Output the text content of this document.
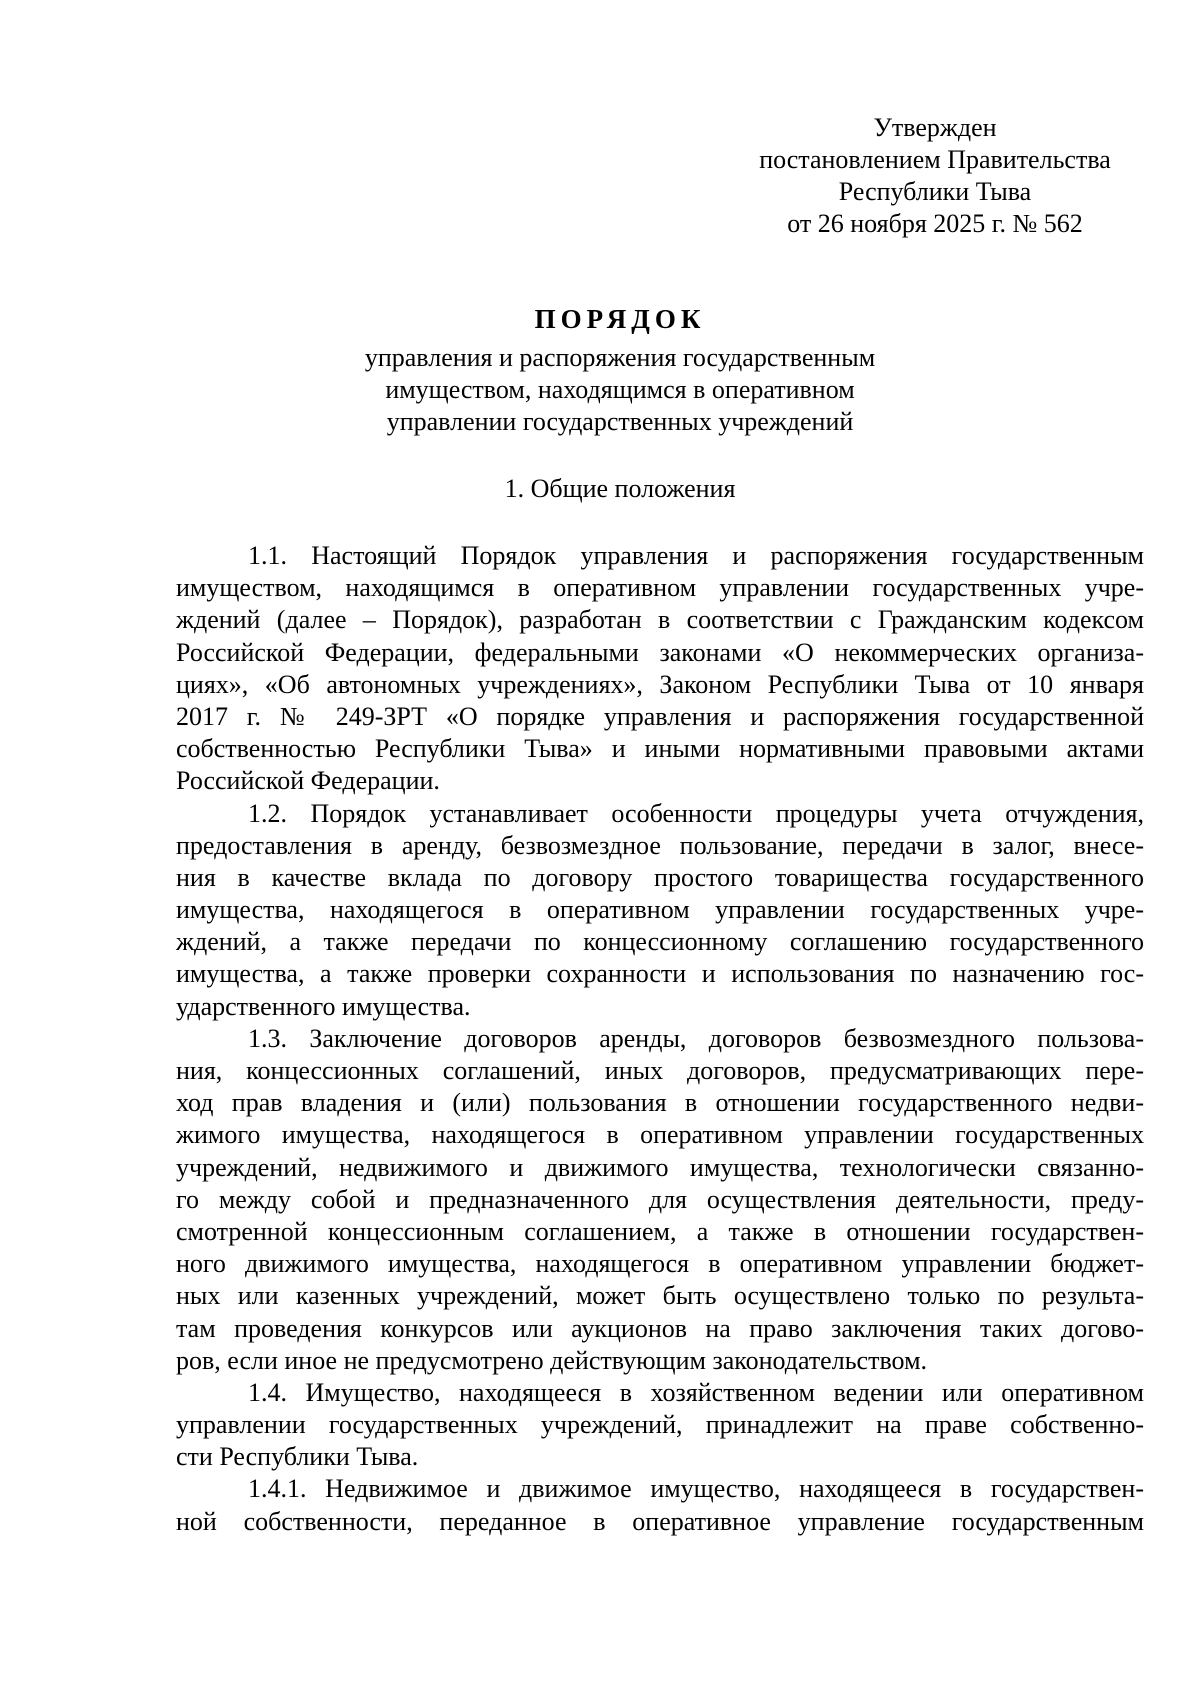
Утвержден
постановлением Правительства
Республики Тыва
от 26 ноября 2025 г. № 562
ПОРЯДОК
управления и распоряжения государственным
имуществом, находящимся в оперативном
управлении государственных учреждений
1. Общие положения
1.1. Настоящий Порядок управления и распоряжения государственным
имуществом, находящимся в оперативном управлении государственных учре-
ждений (далее – Порядок), разработан в соответствии с Гражданским кодексом
Российской Федерации, федеральными законами «О некоммерческих организа-
циях», «Об автономных учреждениях», Законом Республики Тыва от 10 января
2017 г. № 249-ЗРТ «О порядке управления и распоряжения государственной
собственностью Республики Тыва» и иными нормативными правовыми актами
Российской Федерации.
1.2. Порядок устанавливает особенности процедуры учета отчуждения,
предоставления в аренду, безвозмездное пользование, передачи в залог, внесе-
ния в качестве вклада по договору простого товарищества государственного
имущества, находящегося в оперативном управлении государственных учре-
ждений, а также передачи по концессионному соглашению государственного
имущества, а также проверки сохранности и использования по назначению гос-
ударственного имущества.
1.3. Заключение договоров аренды, договоров безвозмездного пользова-
ния, концессионных соглашений, иных договоров, предусматривающих пере-
ход прав владения и (или) пользования в отношении государственного недви-
жимого имущества, находящегося в оперативном управлении государственных
учреждений, недвижимого и движимого имущества, технологически связанно-
го между собой и предназначенного для осуществления деятельности, преду-
смотренной концессионным соглашением, а также в отношении государствен-
ного движимого имущества, находящегося в оперативном управлении бюджет-
ных или казенных учреждений, может быть осуществлено только по результа-
там проведения конкурсов или аукционов на право заключения таких догово-
ров, если иное не предусмотрено действующим законодательством.
1.4. Имущество, находящееся в хозяйственном ведении или оперативном
управлении государственных учреждений, принадлежит на праве собственно-
сти Республики Тыва.
1.4.1. Недвижимое и движимое имущество, находящееся в государствен-
ной собственности, переданное в оперативное управление государственным
